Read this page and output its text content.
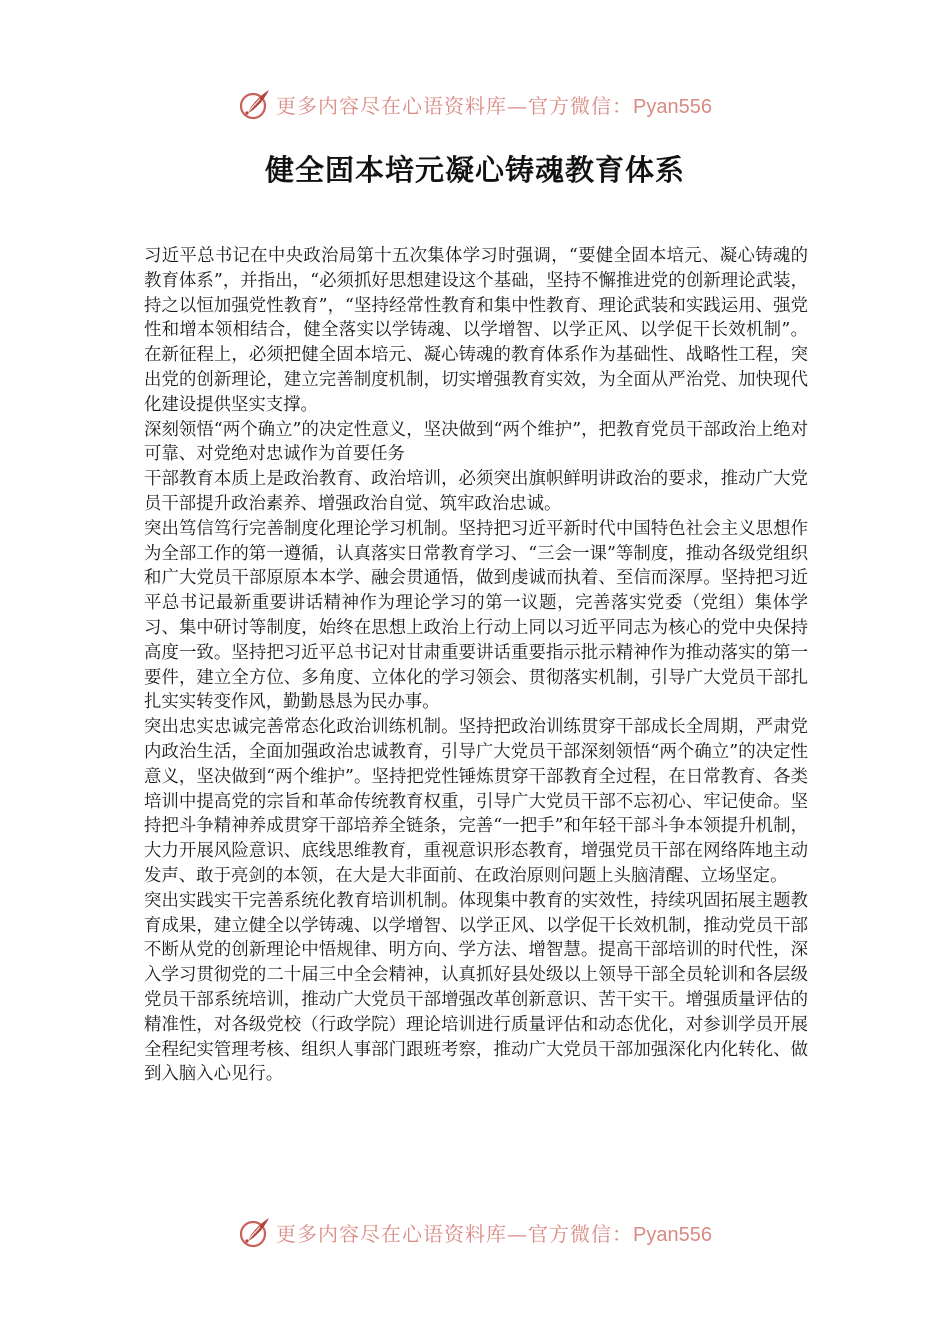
更多内容尽在心语资料库—官方微信：Pyan556
健全固本培元凝心铸魂教育体系

习近平总书记在中央政治局第十五次集体学习时强调，“要健全固本培元、凝心铸魂的教育体系”，并指出，“必须抓好思想建设这个基础，坚持不懈推进党的创新理论武装，持之以恒加强党性教育”，“坚持经常性教育和集中性教育、理论武装和实践运用、强党性和增本领相结合，健全落实以学铸魂、以学增智、以学正风、以学促干长效机制”。在新征程上，必须把健全固本培元、凝心铸魂的教育体系作为基础性、战略性工程，突出党的创新理论，建立完善制度机制，切实增强教育实效，为全面从严治党、加快现代化建设提供坚实支撑。

深刻领悟“两个确立”的决定性意义，坚决做到“两个维护”，把教育党员干部政治上绝对可靠、对党绝对忠诚作为首要任务

干部教育本质上是政治教育、政治培训，必须突出旗帜鲜明讲政治的要求，推动广大党员干部提升政治素养、增强政治自觉、筑牢政治忠诚。

突出笃信笃行完善制度化理论学习机制。坚持把习近平新时代中国特色社会主义思想作为全部工作的第一遵循，认真落实日常教育学习、“三会一课”等制度，推动各级党组织和广大党员干部原原本本学、融会贯通悟，做到虔诚而执着、至信而深厚。坚持把习近平总书记最新重要讲话精神作为理论学习的第一议题，完善落实党委（党组）集体学习、集中研讨等制度，始终在思想上政治上行动上同以习近平同志为核心的党中央保持高度一致。坚持把习近平总书记对甘肃重要讲话重要指示批示精神作为推动落实的第一要件，建立全方位、多角度、立体化的学习领会、贯彻落实机制，引导广大党员干部扎扎实实转变作风，勤勤恳恳为民办事。

突出忠实忠诚完善常态化政治训练机制。坚持把政治训练贯穿干部成长全周期，严肃党内政治生活，全面加强政治忠诚教育，引导广大党员干部深刻领悟“两个确立”的决定性意义，坚决做到“两个维护”。坚持把党性锤炼贯穿干部教育全过程，在日常教育、各类培训中提高党的宗旨和革命传统教育权重，引导广大党员干部不忘初心、牢记使命。坚持把斗争精神养成贯穿干部培养全链条，完善“一把手”和年轻干部斗争本领提升机制，大力开展风险意识、底线思维教育，重视意识形态教育，增强党员干部在网络阵地主动发声、敢于亮剑的本领，在大是大非面前、在政治原则问题上头脑清醒、立场坚定。

突出实践实干完善系统化教育培训机制。体现集中教育的实效性，持续巩固拓展主题教育成果，建立健全以学铸魂、以学增智、以学正风、以学促干长效机制，推动党员干部不断从党的创新理论中悟规律、明方向、学方法、增智慧。提高干部培训的时代性，深入学习贯彻党的二十届三中全会精神，认真抓好县处级以上领导干部全员轮训和各层级党员干部系统培训，推动广大党员干部增强改革创新意识、苦干实干。增强质量评估的精准性，对各级党校（行政学院）理论培训进行质量评估和动态优化，对参训学员开展全程纪实管理考核、组织人事部门跟班考察，推动广大党员干部加强深化内化转化、做到入脑入心见行。

更多内容尽在心语资料库—官方微信：Pyan556
